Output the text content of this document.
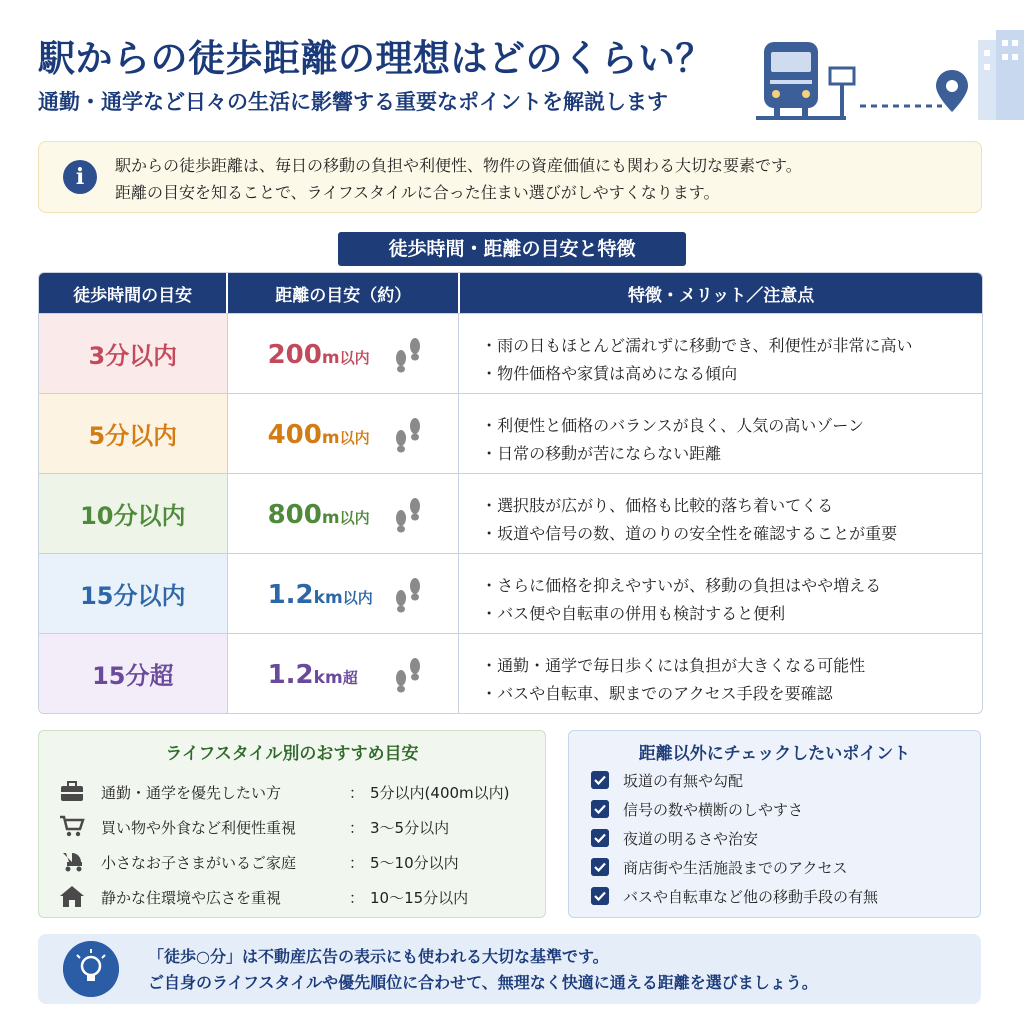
駅からの徒歩距離の理想はどのくらい？
通勤・通学など日々の生活に影響する重要なポイントを解説します
i	駅からの徒歩距離は、毎日の移動の負担や利便性、物件の資産価値にも関わる大切な要素です。
距離の目安を知ることで、ライフスタイルに合った住まい選びがしやすくなります。
徒歩時間・距離の目安と特徴
徒歩時間の目安	距離の目安（約）	特徴・メリット／注意点
3分以内	200m以内
・雨の日もほとんど濡れずに移動でき、利便性が非常に高い
・物件価格や家賃は高めになる傾向
5分以内	400m以内
・利便性と価格のバランスが良く、人気の高いゾーン
・日常の移動が苦にならない距離
10分以内	800m以内
・選択肢が広がり、価格も比較的落ち着いてくる
・坂道や信号の数、道のりの安全性を確認することが重要
15分以内	1.2km以内
・さらに価格を抑えやすいが、移動の負担はやや増える
・バス便や自転車の併用も検討すると便利
15分超	1.2km超
・通勤・通学で毎日歩くには負担が大きくなる可能性
・バスや自転車、駅までのアクセス手段を要確認
ライフスタイル別のおすすめ目安
通勤・通学を優先したい方	： 5分以内(400m以内)
買い物や外食など利便性重視	： 3〜5分以内
小さなお子さまがいるご家庭	： 5〜10分以内
静かな住環境や広さを重視	： 10〜15分以内
距離以外にチェックしたいポイント
坂道の有無や勾配
信号の数や横断のしやすさ
夜道の明るさや治安
商店街や生活施設までのアクセス
バスや自転車など他の移動手段の有無
「徒歩○分」は不動産広告の表示にも使われる大切な基準です。
ご自身のライフスタイルや優先順位に合わせて、無理なく快適に通える距離を選びましょう。
